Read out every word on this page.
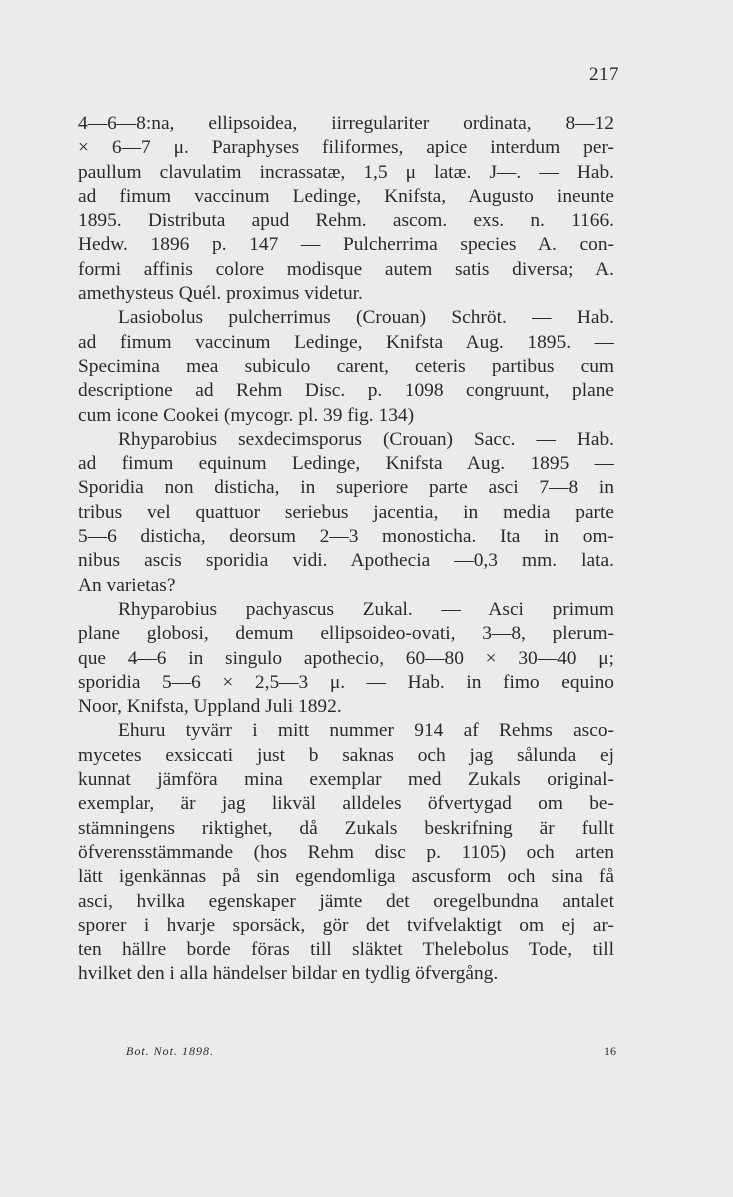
217
4—6—8:na, ellipsoidea, iirregulariter ordinata, 8—12
× 6—7 μ. Paraphyses filiformes, apice interdum per-
paullum clavulatim incrassatæ, 1,5 μ latæ. J—. — Hab.
ad fimum vaccinum Ledinge, Knifsta, Augusto ineunte
1895. Distributa apud Rehm. ascom. exs. n. 1166.
Hedw. 1896 p. 147 — Pulcherrima species A. con-
formi affinis colore modisque autem satis diversa; A.
amethysteus Quél. proximus videtur.
Lasiobolus pulcherrimus (Crouan) Schröt. — Hab.
ad fimum vaccinum Ledinge, Knifsta Aug. 1895. —
Specimina mea subiculo carent, ceteris partibus cum
descriptione ad Rehm Disc. p. 1098 congruunt, plane
cum icone Cookei (mycogr. pl. 39 fig. 134)
Rhyparobius sexdecimsporus (Crouan) Sacc. — Hab.
ad fimum equinum Ledinge, Knifsta Aug. 1895 —
Sporidia non disticha, in superiore parte asci 7—8 in
tribus vel quattuor seriebus jacentia, in media parte
5—6 disticha, deorsum 2—3 monosticha. Ita in om-
nibus ascis sporidia vidi. Apothecia —0,3 mm. lata.
An varietas?
Rhyparobius pachyascus Zukal. — Asci primum
plane globosi, demum ellipsoideo-ovati, 3—8, plerum-
que 4—6 in singulo apothecio, 60—80 × 30—40 μ;
sporidia 5—6 × 2,5—3 μ. — Hab. in fimo equino
Noor, Knifsta, Uppland Juli 1892.
Ehuru tyvärr i mitt nummer 914 af Rehms asco-
mycetes exsiccati just b saknas och jag sålunda ej
kunnat jämföra mina exemplar med Zukals original-
exemplar, är jag likväl alldeles öfvertygad om be-
stämningens riktighet, då Zukals beskrifning är fullt
öfverensstämmande (hos Rehm disc p. 1105) och arten
lätt igenkännas på sin egendomliga ascusform och sina få
asci, hvilka egenskaper jämte det oregelbundna antalet
sporer i hvarje sporsäck, gör det tvifvelaktigt om ej ar-
ten hällre borde föras till släktet Thelebolus Tode, till
hvilket den i alla händelser bildar en tydlig öfvergång.
Bot. Not. 1898.	16
